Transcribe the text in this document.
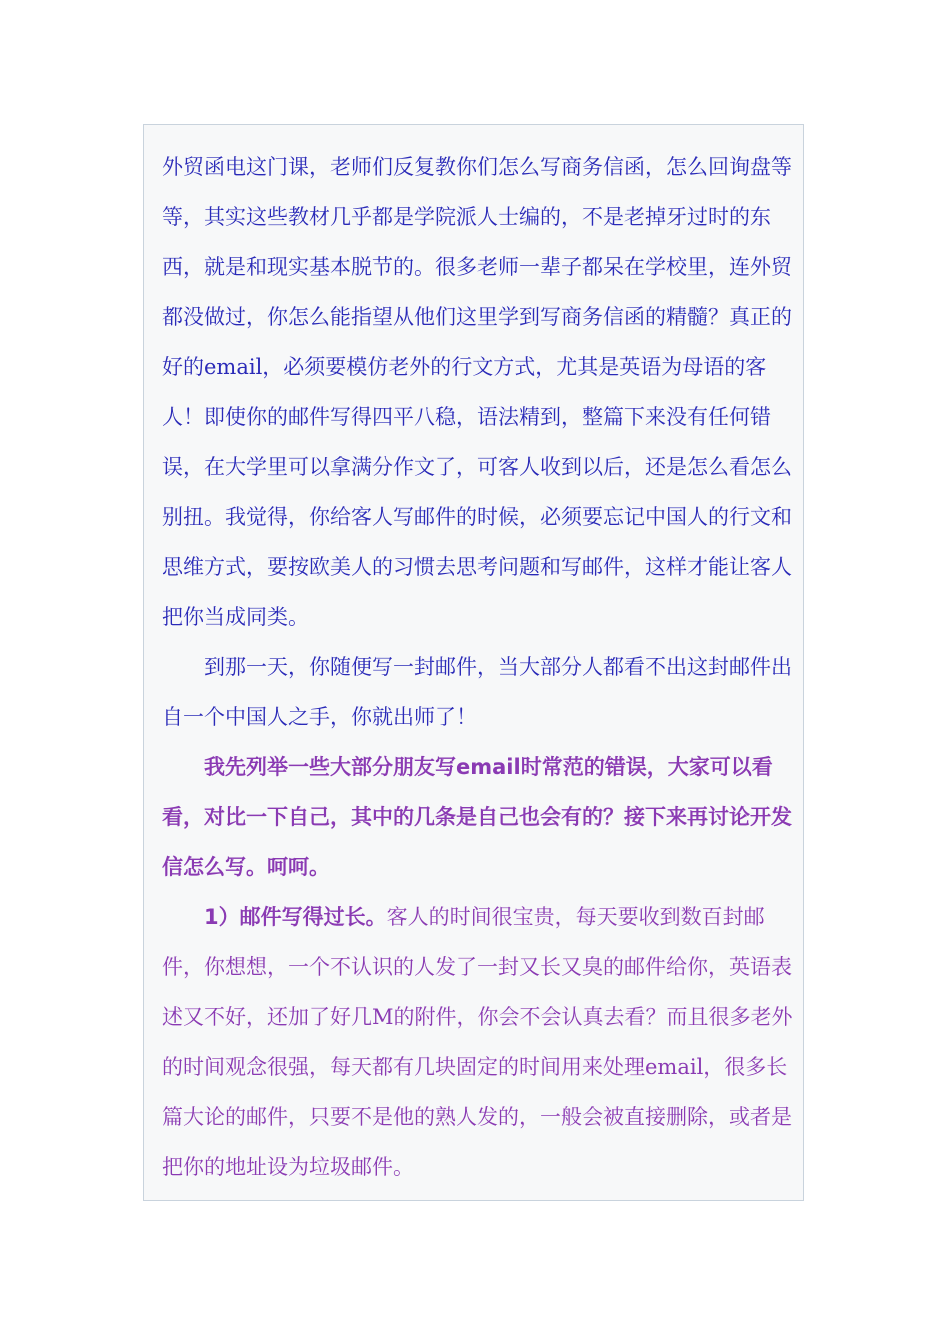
外贸函电这门课，老师们反复教你们怎么写商务信函，怎么回询盘等等，其实这些教材几乎都是学院派人士编的，不是老掉牙过时的东西，就是和现实基本脱节的。很多老师一辈子都呆在学校里，连外贸都没做过，你怎么能指望从他们这里学到写商务信函的精髓？真正的好的email，必须要模仿老外的行文方式，尤其是英语为母语的客人！即使你的邮件写得四平八稳，语法精到，整篇下来没有任何错误，在大学里可以拿满分作文了，可客人收到以后，还是怎么看怎么别扭。我觉得，你给客人写邮件的时候，必须要忘记中国人的行文和思维方式，要按欧美人的习惯去思考问题和写邮件，这样才能让客人把你当成同类。

到那一天，你随便写一封邮件，当大部分人都看不出这封邮件出自一个中国人之手，你就出师了！

我先列举一些大部分朋友写email时常范的错误，大家可以看看，对比一下自己，其中的几条是自己也会有的？接下来再讨论开发信怎么写。呵呵。

1）邮件写得过长。客人的时间很宝贵，每天要收到数百封邮件，你想想，一个不认识的人发了一封又长又臭的邮件给你，英语表述又不好，还加了好几M的附件，你会不会认真去看？而且很多老外的时间观念很强，每天都有几块固定的时间用来处理email，很多长篇大论的邮件，只要不是他的熟人发的，一般会被直接删除，或者是把你的地址设为垃圾邮件。
